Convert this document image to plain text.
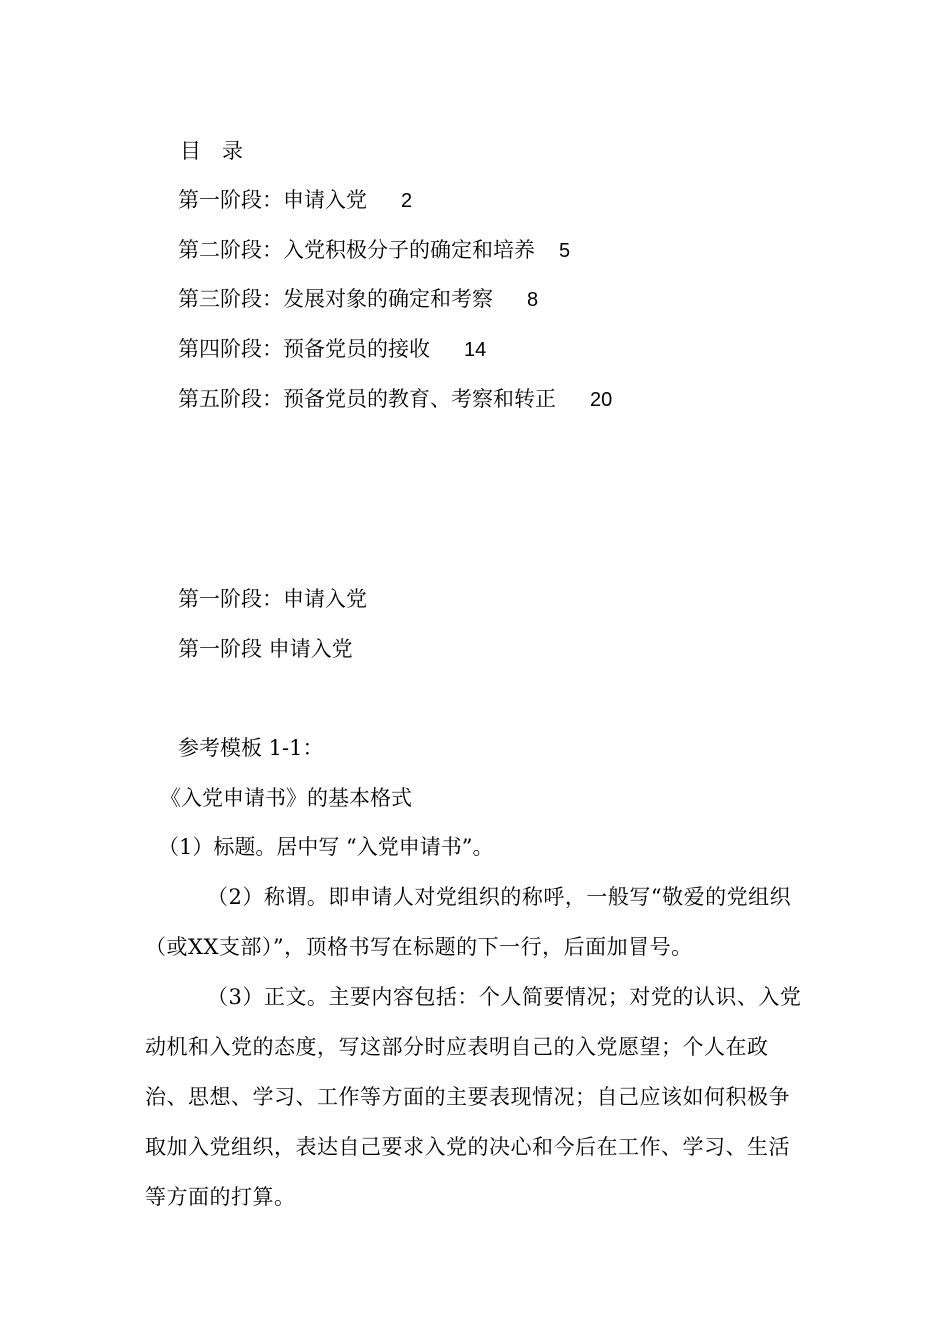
目　录
第一阶段：申请入党 2
第二阶段：入党积极分子的确定和培养 5
第三阶段：发展对象的确定和考察 8
第四阶段：预备党员的接收 14
第五阶段：预备党员的教育、考察和转正 20
第一阶段：申请入党
第一阶段 申请入党
参考模板 1-1：
《入党申请书》的基本格式
（1）标题。居中写 “入党申请书”。
（2）称谓。即申请人对党组织的称呼，一般写“敬爱的党组织（或XX支部）”，顶格书写在标题的下一行，后面加冒号。
（3）正文。主要内容包括：个人简要情况；对党的认识、入党动机和入党的态度，写这部分时应表明自己的入党愿望；个人在政治、思想、学习、工作等方面的主要表现情况；自己应该如何积极争取加入党组织，表达自己要求入党的决心和今后在工作、学习、生活等方面的打算。
